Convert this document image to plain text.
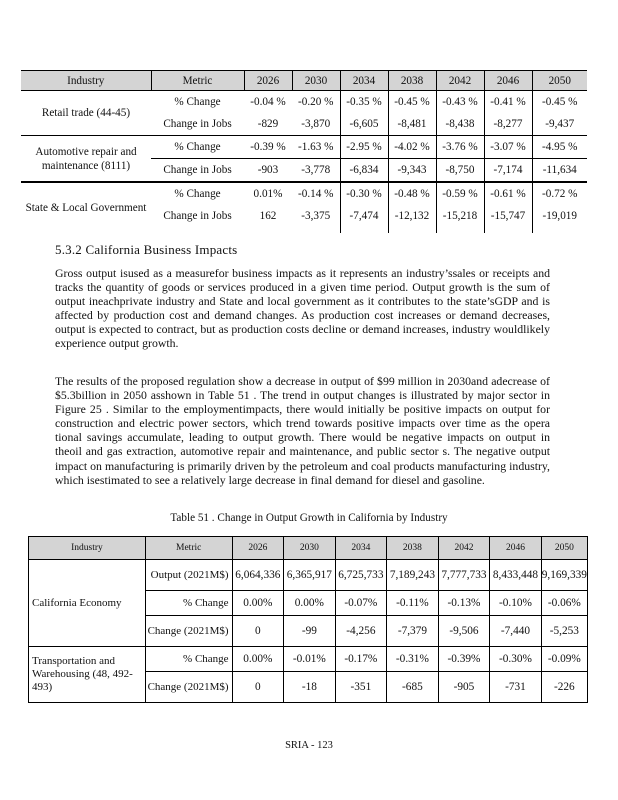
Industry	Metric	2026	2030	2034	2038	2042	2046	2050
Retail trade (44-45)	% Change	-0.04 %	-0.20 %	-0.35 %	-0.45 %	-0.43 %	-0.41 %	-0.45 %
	Change in Jobs	-829	-3,870	-6,605	-8,481	-8,438	-8,277	-9,437
Automotive repair and maintenance (8111)	% Change	-0.39 %	-1.63 %	-2.95 %	-4.02 %	-3.76 %	-3.07 %	-4.95 %
	Change in Jobs	-903	-3,778	-6,834	-9,343	-8,750	-7,174	-11,634
State & Local Government	% Change	0.01%	-0.14 %	-0.30 %	-0.48 %	-0.59 %	-0.61 %	-0.72 %
	Change in Jobs	162	-3,375	-7,474	-12,132	-15,218	-15,747	-19,019
5.3.2 California Business Impacts

Gross output isused as a measurefor business impacts as it represents an industry’ssales or receipts and tracks the quantity of goods or services produced in a given time period. Output growth is the sum of output ineachprivate industry and State and local government as it contributes to the state’sGDP and is affected by production cost and demand changes. As production cost increases or demand decreases, output is expected to contract, but as production costs decline or demand increases, industry wouldlikely experience output growth.

The results of the proposed regulation show a decrease in output of $99 million in 2030and adecrease of $5.3billion in 2050 asshown in Table 51 . The trend in output changes is illustrated by major sector in Figure 25 . Similar to the employmentimpacts, there would initially be positive impacts on output for construction and electric power sectors, which trend towards positive impacts over time as the opera tional savings accumulate, leading to output growth. There would be negative impacts on output in theoil and gas extraction, automotive repair and maintenance, and public sector s. The negative output impact on manufacturing is primarily driven by the petroleum and coal products manufacturing industry, which isestimated to see a relatively large decrease in final demand for diesel and gasoline.

Table 51 . Change in Output Growth in California by Industry
Industry	Metric	2026	2030	2034	2038	2042	2046	2050
California Economy	Output (2021M$)	6,064,336	6,365,917	6,725,733	7,189,243	7,777,733	8,433,448	9,169,339
	% Change	0.00%	0.00%	-0.07%	-0.11%	-0.13%	-0.10%	-0.06%
	Change (2021M$)	0	-99	-4,256	-7,379	-9,506	-7,440	-5,253
Transportation and Warehousing (48, 492-493)	% Change	0.00%	-0.01%	-0.17%	-0.31%	-0.39%	-0.30%	-0.09%
	Change (2021M$)	0	-18	-351	-685	-905	-731	-226
SRIA - 123
